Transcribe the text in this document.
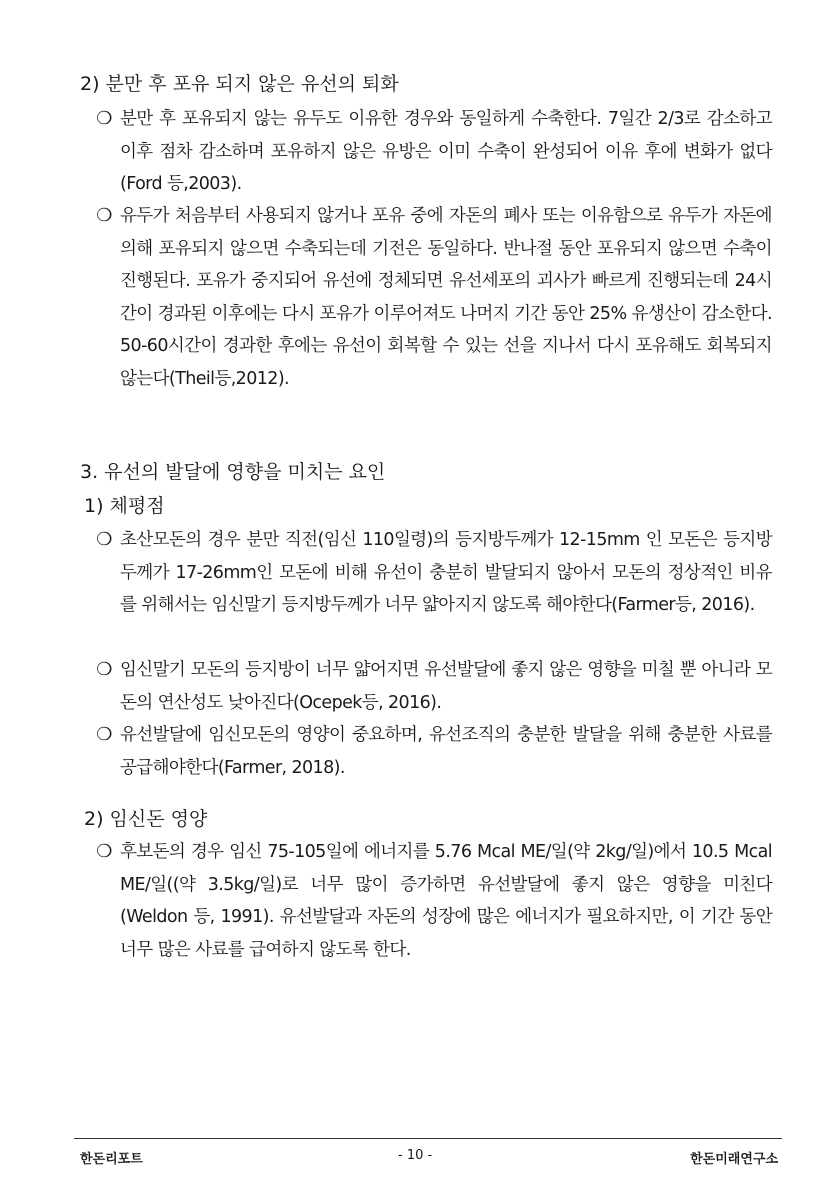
2) 분만 후 포유 되지 않은 유선의 퇴화
❍ 분만 후 포유되지 않는 유두도 이유한 경우와 동일하게 수축한다. 7일간 2/3로 감소하고 이후 점차 감소하며 포유하지 않은 유방은 이미 수축이 완성되어 이유 후에 변화가 없다(Ford 등,2003).
❍ 유두가 처음부터 사용되지 않거나 포유 중에 자돈의 폐사 또는 이유함으로 유두가 자돈에 의해 포유되지 않으면 수축되는데 기전은 동일하다. 반나절 동안 포유되지 않으면 수축이 진행된다. 포유가 중지되어 유선에 정체되면 유선세포의 괴사가 빠르게 진행되는데 24시간이 경과된 이후에는 다시 포유가 이루어져도 나머지 기간 동안 25% 유생산이 감소한다. 50-60시간이 경과한 후에는 유선이 회복할 수 있는 선을 지나서 다시 포유해도 회복되지 않는다(Theil등,2012).
3. 유선의 발달에 영향을 미치는 요인
1) 체평점
❍ 초산모돈의 경우 분만 직전(임신 110일령)의 등지방두께가 12-15mm 인 모돈은 등지방두께가 17-26mm인 모돈에 비해 유선이 충분히 발달되지 않아서 모돈의 정상적인 비유를 위해서는 임신말기 등지방두께가 너무 얇아지지 않도록 해야한다(Farmer등, 2016).
❍ 임신말기 모돈의 등지방이 너무 얇어지면 유선발달에 좋지 않은 영향을 미칠 뿐 아니라 모돈의 연산성도 낮아진다(Ocepek등, 2016).
❍ 유선발달에 임신모돈의 영양이 중요하며, 유선조직의 충분한 발달을 위해 충분한 사료를 공급해야한다(Farmer, 2018).
2) 임신돈 영양
❍ 후보돈의 경우 임신 75-105일에 에너지를 5.76 Mcal ME/일(약 2kg/일)에서 10.5 Mcal ME/일((약 3.5kg/일)로 너무 많이 증가하면 유선발달에 좋지 않은 영향을 미친다(Weldon 등, 1991). 유선발달과 자돈의 성장에 많은 에너지가 필요하지만, 이 기간 동안 너무 많은 사료를 급여하지 않도록 한다.
한돈리포트	- 10 -	한돈미래연구소
